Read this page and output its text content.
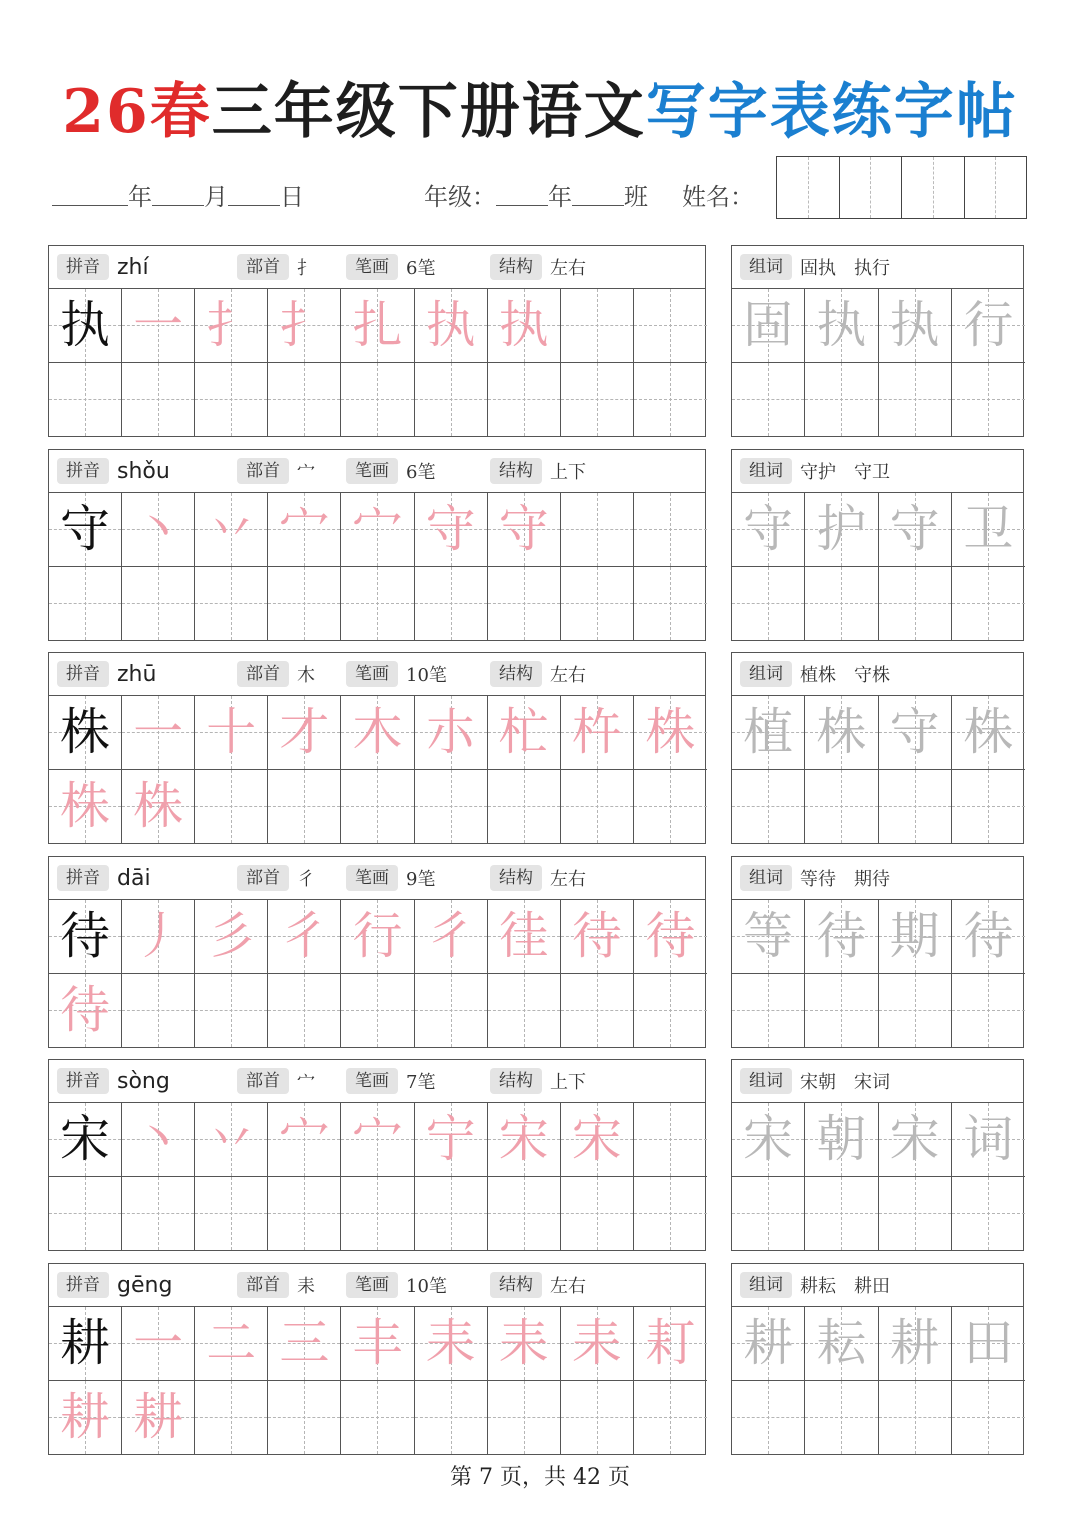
26春三年级下册语文写字表练字帖
年 月 日	年级： 年 班 姓名：
拼音 zhí	部首 扌	笔画 6笔	结构 左右
执 一 扌 扌 扎 执 执
组词 固执　执行
固 执 执 行
拼音 shǒu	部首 宀	笔画 6笔	结构 上下
守 丶 丷 宀 宀 守 守
组词 守护　守卫
守 护 守 卫
拼音 zhū	部首 木	笔画 10笔	结构 左右
株 一 十 才 木 朩 杧 杵 株
株 株
组词 植株　守株
植 株 守 株
拼音 dāi	部首 彳	笔画 9笔	结构 左右
待 丿 彡 彳 行 彳 徍 待 待
待
组词 等待　期待
等 待 期 待
拼音 sòng	部首 宀	笔画 7笔	结构 上下
宋 丶 丷 宀 宀 宁 宋 宋
组词 宋朝　宋词
宋 朝 宋 词
拼音 gēng	部首 耒	笔画 10笔	结构 左右
耕 一 二 三 丰 耒 耒 耒 耓
耕 耕
组词 耕耘　耕田
耕 耘 耕 田
第 7 页，共 42 页
